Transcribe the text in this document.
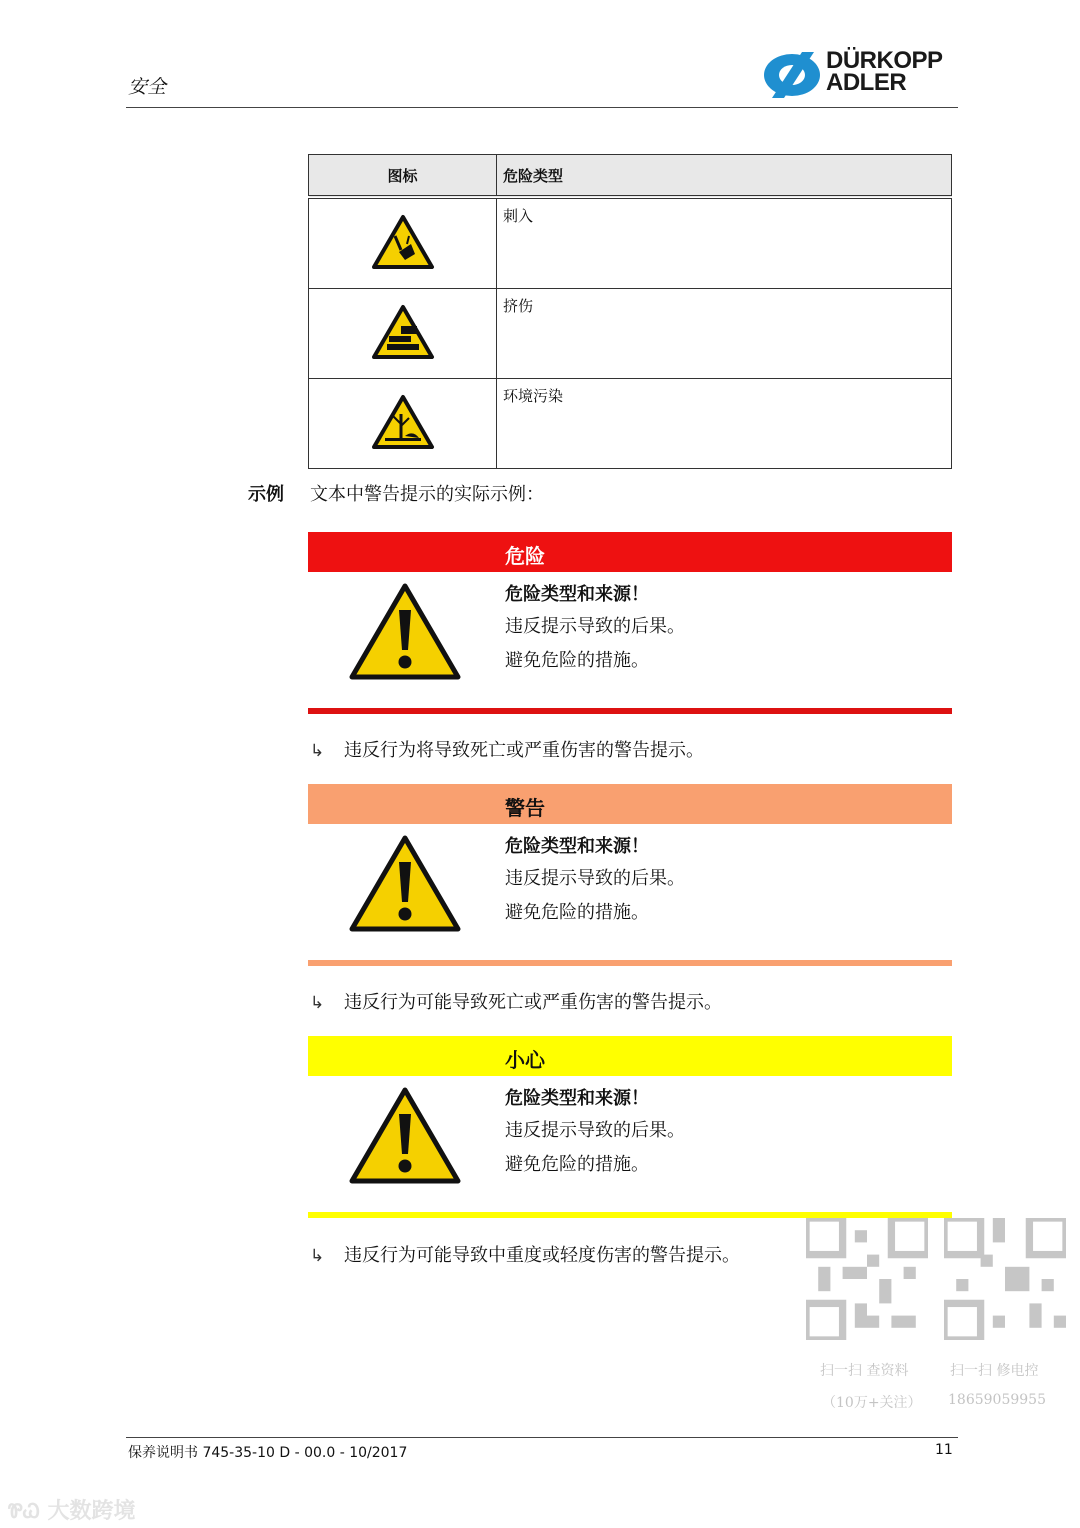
安全
DÜRKOPP
ADLER
图标	危险类型
	刺入
	挤伤
	环境污染
示例 文本中警告提示的实际示例：
危险
危险类型和来源！
违反提示导致的后果。
避免危险的措施。
↳ 违反行为将导致死亡或严重伤害的警告提示。
警告
危险类型和来源！
违反提示导致的后果。
避免危险的措施。
↳ 违反行为可能导致死亡或严重伤害的警告提示。
小心
危险类型和来源！
违反提示导致的后果。
避免危险的措施。
↳ 违反行为可能导致中重度或轻度伤害的警告提示。
扫一扫 查资料
（10万+关注）
扫一扫 修电控
18659059955
保养说明书 745-35-10 D - 00.0 - 10/2017	11
ᏈᏇ 大数跨境
